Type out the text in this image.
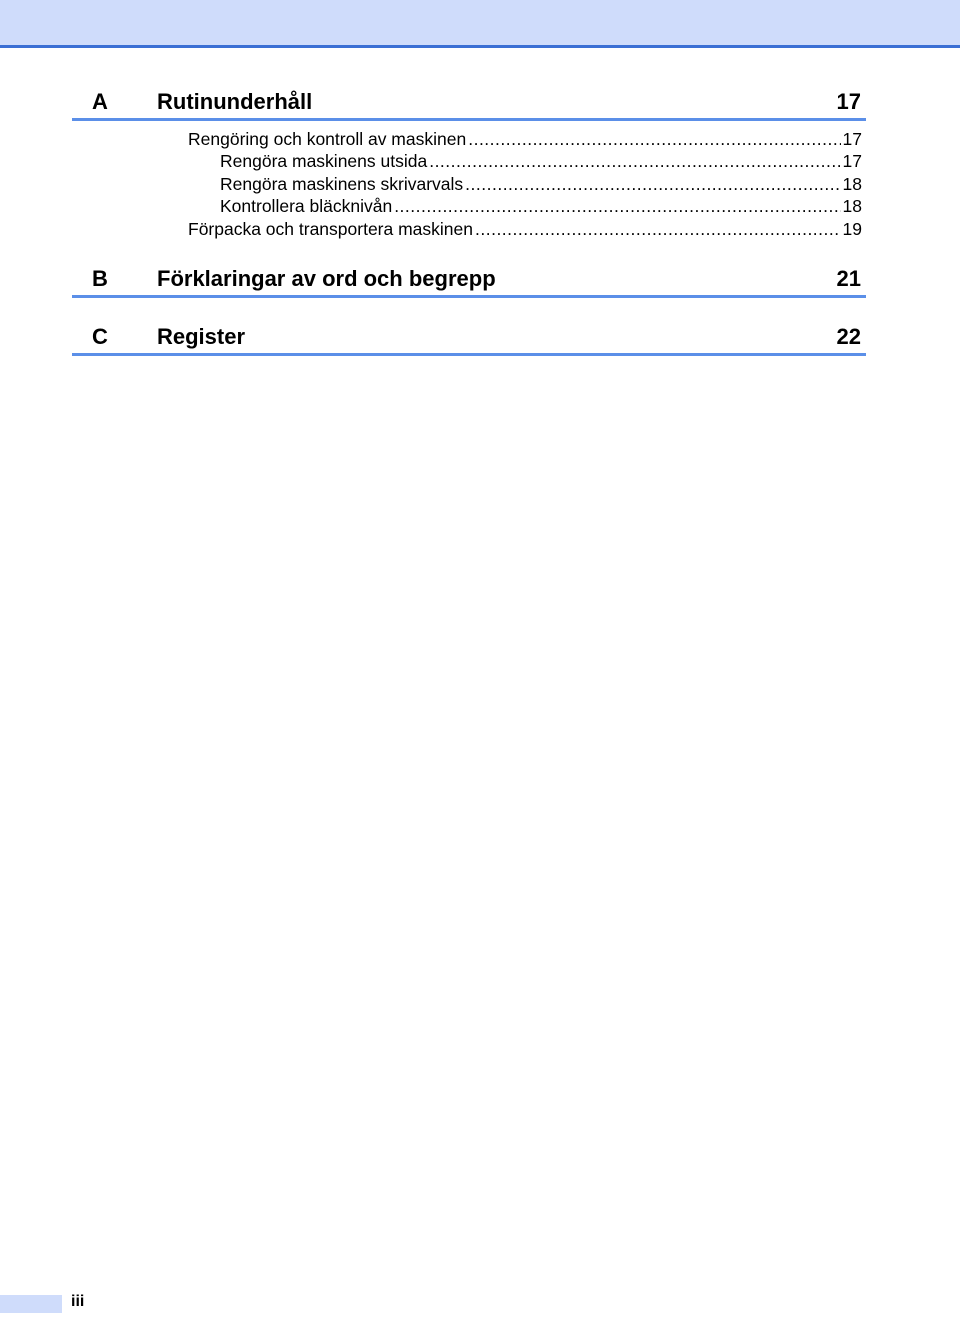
A Rutinunderhåll	17
Rengöring och kontroll av maskinen .....	17
Rengöra maskinens utsida .....	17
Rengöra maskinens skrivarvals .....	18
Kontrollera bläcknivån .....	18
Förpacka och transportera maskinen .....	19
B Förklaringar av ord och begrepp	21
C Register	22
iii
